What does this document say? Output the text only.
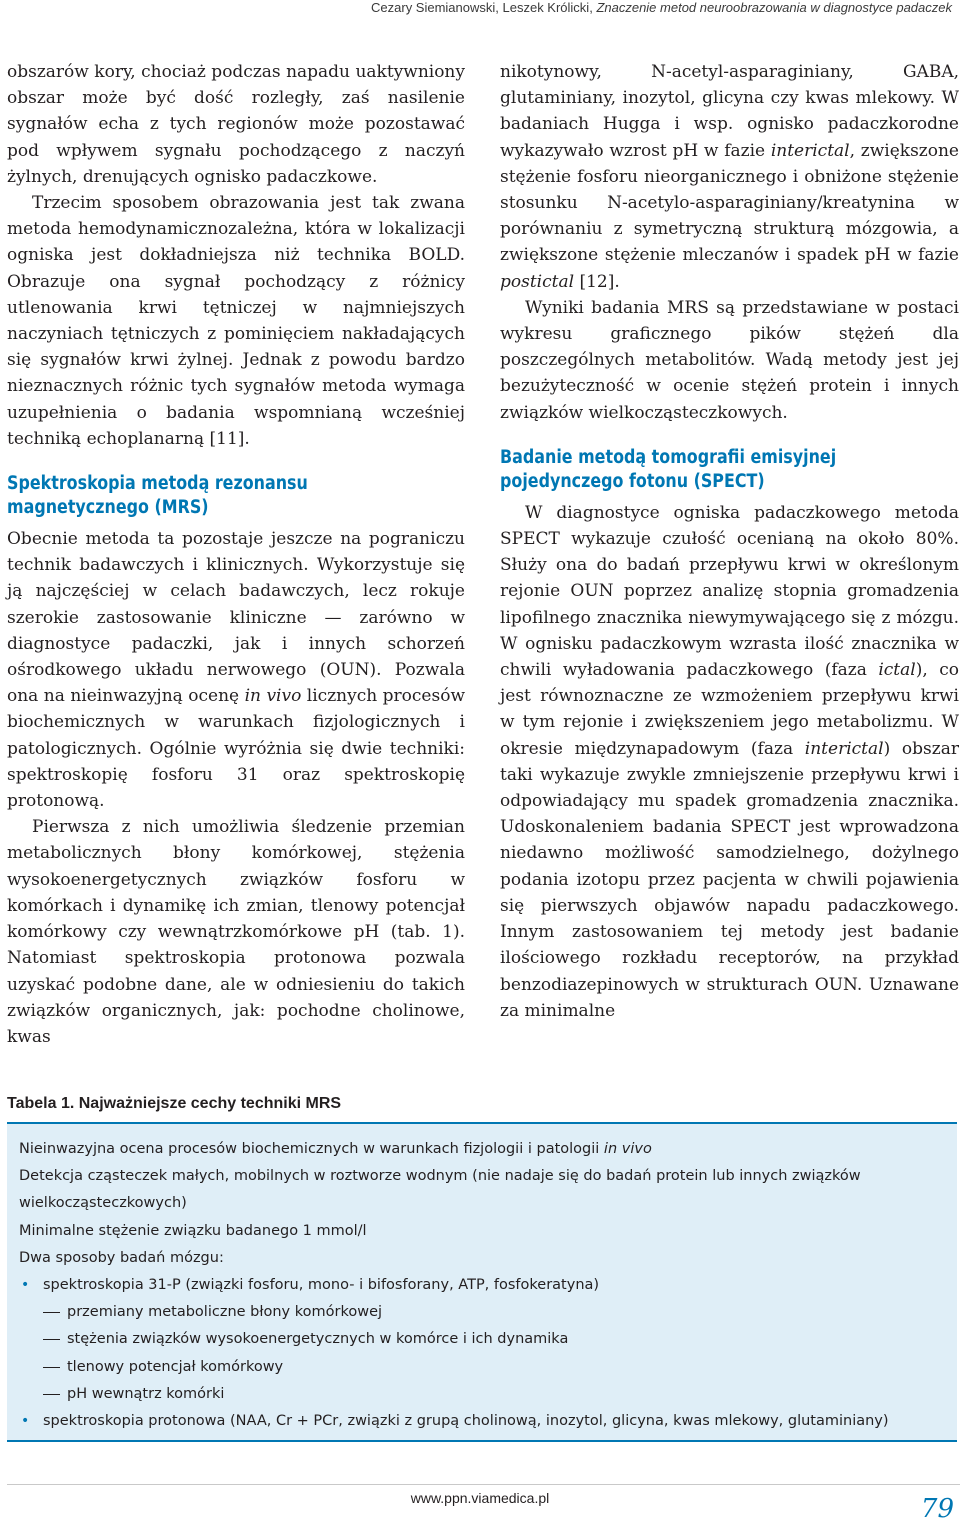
Cezary Siemianowski, Leszek Królicki, Znaczenie metod neuroobrazowania w diagnostyce padaczek

obszarów kory, chociaż podczas napadu uaktywniony obszar może być dość rozległy, zaś nasilenie sygnałów echa z tych regionów może pozostawać pod wpływem sygnału pochodzącego z naczyń żylnych, drenujących ognisko padaczkowe.

Trzecim sposobem obrazowania jest tak zwana metoda hemodynamicznozależna, która w lokalizacji ogniska jest dokładniejsza niż technika BOLD. Obrazuje ona sygnał pochodzący z różnicy utlenowania krwi tętniczej w najmniejszych naczyniach tętniczych z pominięciem nakładających się sygnałów krwi żylnej. Jednak z powodu bardzo nieznacznych różnic tych sygnałów metoda wymaga uzupełnienia o badania wspomnianą wcześniej techniką echoplanarną [11].

Spektroskopia metodą rezonansu
magnetycznego (MRS)

Obecnie metoda ta pozostaje jeszcze na pograniczu technik badawczych i klinicznych. Wykorzystuje się ją najczęściej w celach badawczych, lecz rokuje szerokie zastosowanie kliniczne — zarówno w diagnostyce padaczki, jak i innych schorzeń ośrodkowego układu nerwowego (OUN). Pozwala ona na nieinwazyjną ocenę in vivo licznych procesów biochemicznych w warunkach fizjologicznych i patologicznych. Ogólnie wyróżnia się dwie techniki: spektroskopię fosforu 31 oraz spektroskopię protonową.

Pierwsza z nich umożliwia śledzenie przemian metabolicznych błony komórkowej, stężenia wysokoenergetycznych związków fosforu w komórkach i dynamikę ich zmian, tlenowy potencjał komórkowy czy wewnątrzkomórkowe pH (tab. 1). Natomiast spektroskopia protonowa pozwala uzyskać podobne dane, ale w odniesieniu do takich związków organicznych, jak: pochodne cholinowe, kwas

nikotynowy, N-acetyl-asparaginiany, GABA, glutaminiany, inozytol, glicyna czy kwas mlekowy. W badaniach Hugga i wsp. ognisko padaczkorodne wykazywało wzrost pH w fazie interictal, zwiększone stężenie fosforu nieorganicznego i obniżone stężenie stosunku N-acetylo-asparaginiany/kreatynina w porównaniu z symetryczną strukturą mózgowia, a zwiększone stężenie mleczanów i spadek pH w fazie postictal [12].

Wyniki badania MRS są przedstawiane w postaci wykresu graficznego pików stężeń dla poszczególnych metabolitów. Wadą metody jest jej bezużyteczność w ocenie stężeń protein i innych związków wielkocząsteczkowych.

Badanie metodą tomografii emisyjnej
pojedynczego fotonu (SPECT)

W diagnostyce ogniska padaczkowego metoda SPECT wykazuje czułość ocenianą na około 80%. Służy ona do badań przepływu krwi w określonym rejonie OUN poprzez analizę stopnia gromadzenia lipofilnego znacznika niewymywającego się z mózgu. W ognisku padaczkowym wzrasta ilość znacznika w chwili wyładowania padaczkowego (faza ictal), co jest równoznaczne ze wzmożeniem przepływu krwi w tym rejonie i zwiększeniem jego metabolizmu. W okresie międzynapadowym (faza interictal) obszar taki wykazuje zwykle zmniejszenie przepływu krwi i odpowiadający mu spadek gromadzenia znacznika. Udoskonaleniem badania SPECT jest wprowadzona niedawno możliwość samodzielnego, dożylnego podania izotopu przez pacjenta w chwili pojawienia się pierwszych objawów napadu padaczkowego. Innym zastosowaniem tej metody jest badanie ilościowego rozkładu receptorów, na przykład benzodiazepinowych w strukturach OUN. Uznawane za minimalne

Tabela 1. Najważniejsze cechy techniki MRS
Nieinwazyjna ocena procesów biochemicznych w warunkach fizjologii i patologii in vivo
Detekcja cząsteczek małych, mobilnych w roztworze wodnym (nie nadaje się do badań protein lub innych związków
wielkocząsteczkowych)
Minimalne stężenie związku badanego 1 mmol/l
Dwa sposoby badań mózgu:
• spektroskopia 31-P (związki fosforu, mono- i bifosforany, ATP, fosfokeratyna)
przemiany metaboliczne błony komórkowej
stężenia związków wysokoenergetycznych w komórce i ich dynamika
tlenowy potencjał komórkowy
pH wewnątrz komórki
• spektroskopia protonowa (NAA, Cr + PCr, związki z grupą cholinową, inozytol, glicyna, kwas mlekowy, glutaminiany)
www.ppn.viamedica.pl	79
